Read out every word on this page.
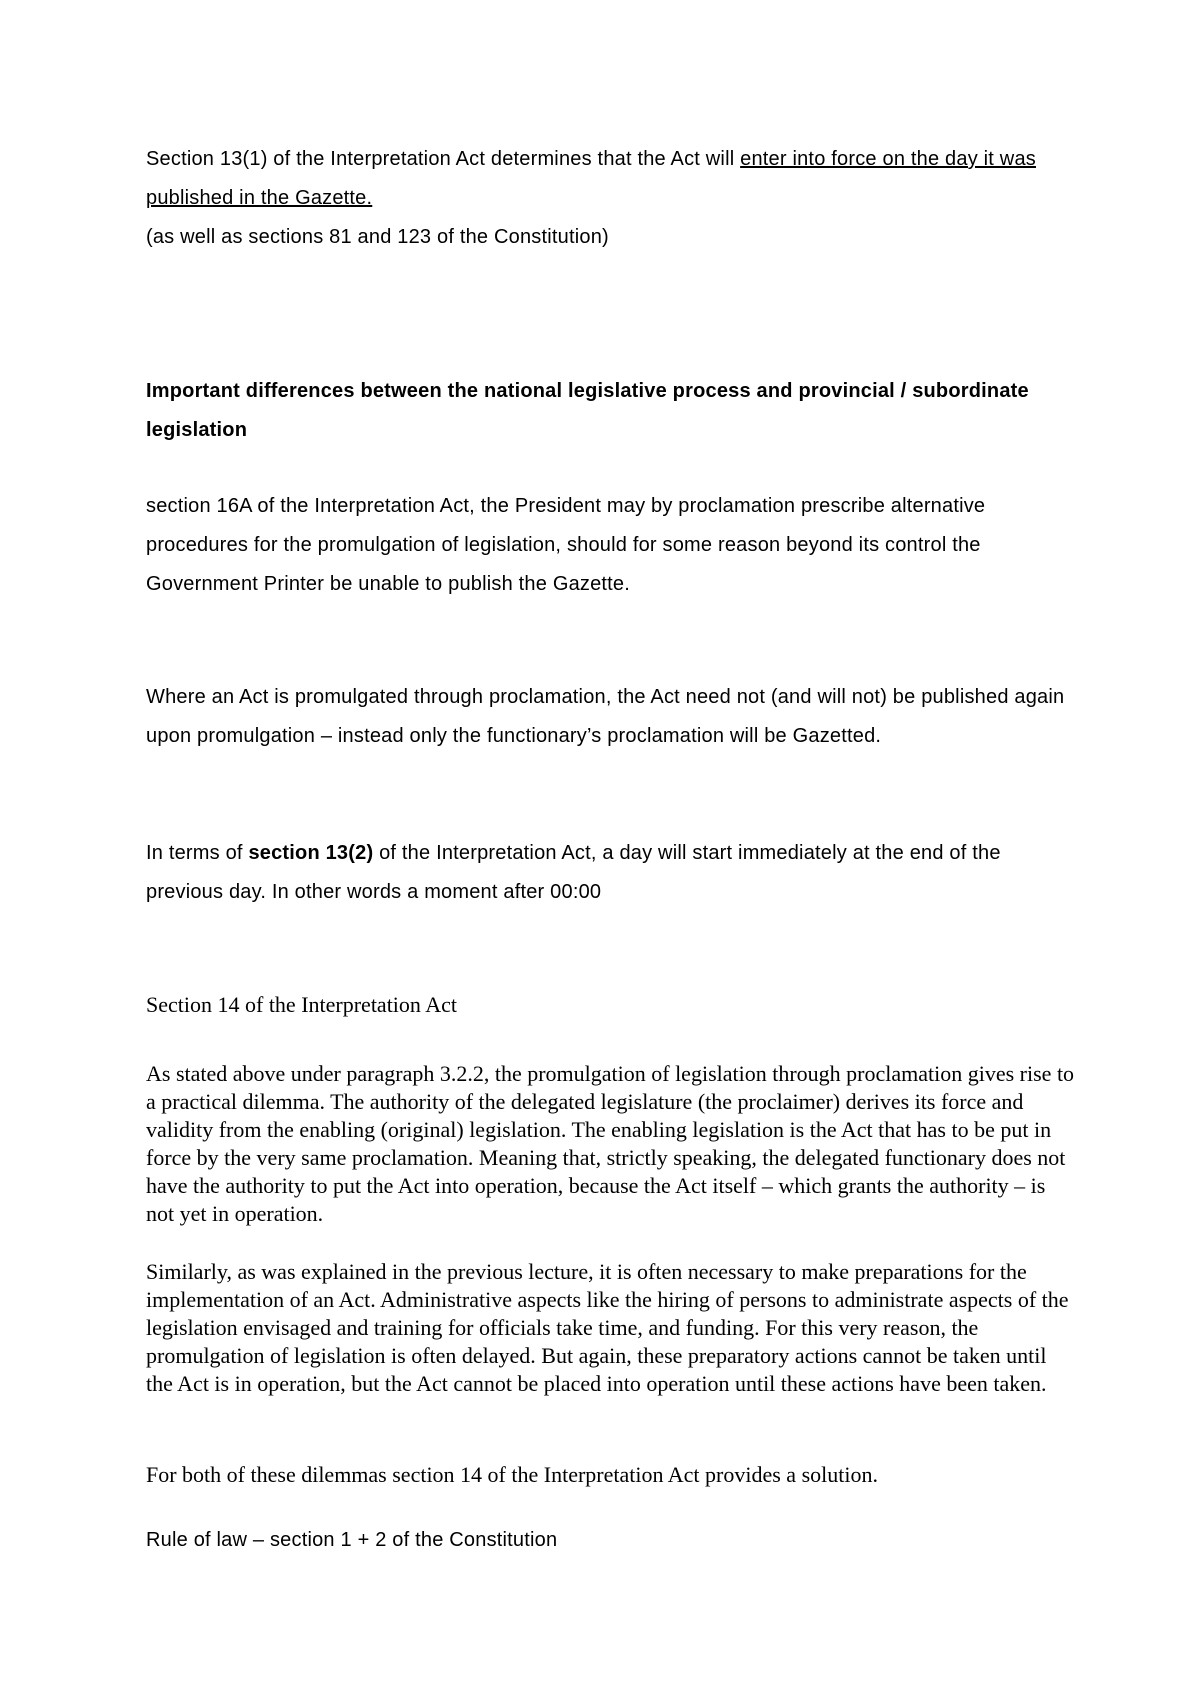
Section 13(1) of the Interpretation Act determines that the Act will enter into force on the day it was published in the Gazette.

(as well as sections 81 and 123 of the Constitution)

Important differences between the national legislative process and provincial / subordinate legislation
section 16A of the Interpretation Act, the President may by proclamation prescribe alternative procedures for the promulgation of legislation, should for some reason beyond its control the Government Printer be unable to publish the Gazette.
Where an Act is promulgated through proclamation, the Act need not (and will not) be published again upon promulgation – instead only the functionary’s proclamation will be Gazetted.
In terms of section 13(2) of the Interpretation Act, a day will start immediately at the end of the previous day. In other words a moment after 00:00
Section 14 of the Interpretation Act
As stated above under paragraph 3.2.2, the promulgation of legislation through proclamation gives rise to a practical dilemma. The authority of the delegated legislature (the proclaimer) derives its force and validity from the enabling (original) legislation. The enabling legislation is the Act that has to be put in force by the very same proclamation. Meaning that, strictly speaking, the delegated functionary does not have the authority to put the Act into operation, because the Act itself – which grants the authority – is not yet in operation.
Similarly, as was explained in the previous lecture, it is often necessary to make preparations for the implementation of an Act. Administrative aspects like the hiring of persons to administrate aspects of the legislation envisaged and training for officials take time, and funding. For this very reason, the promulgation of legislation is often delayed. But again, these preparatory actions cannot be taken until the Act is in operation, but the Act cannot be placed into operation until these actions have been taken.
For both of these dilemmas section 14 of the Interpretation Act provides a solution.
Rule of law – section 1 + 2 of the Constitution
